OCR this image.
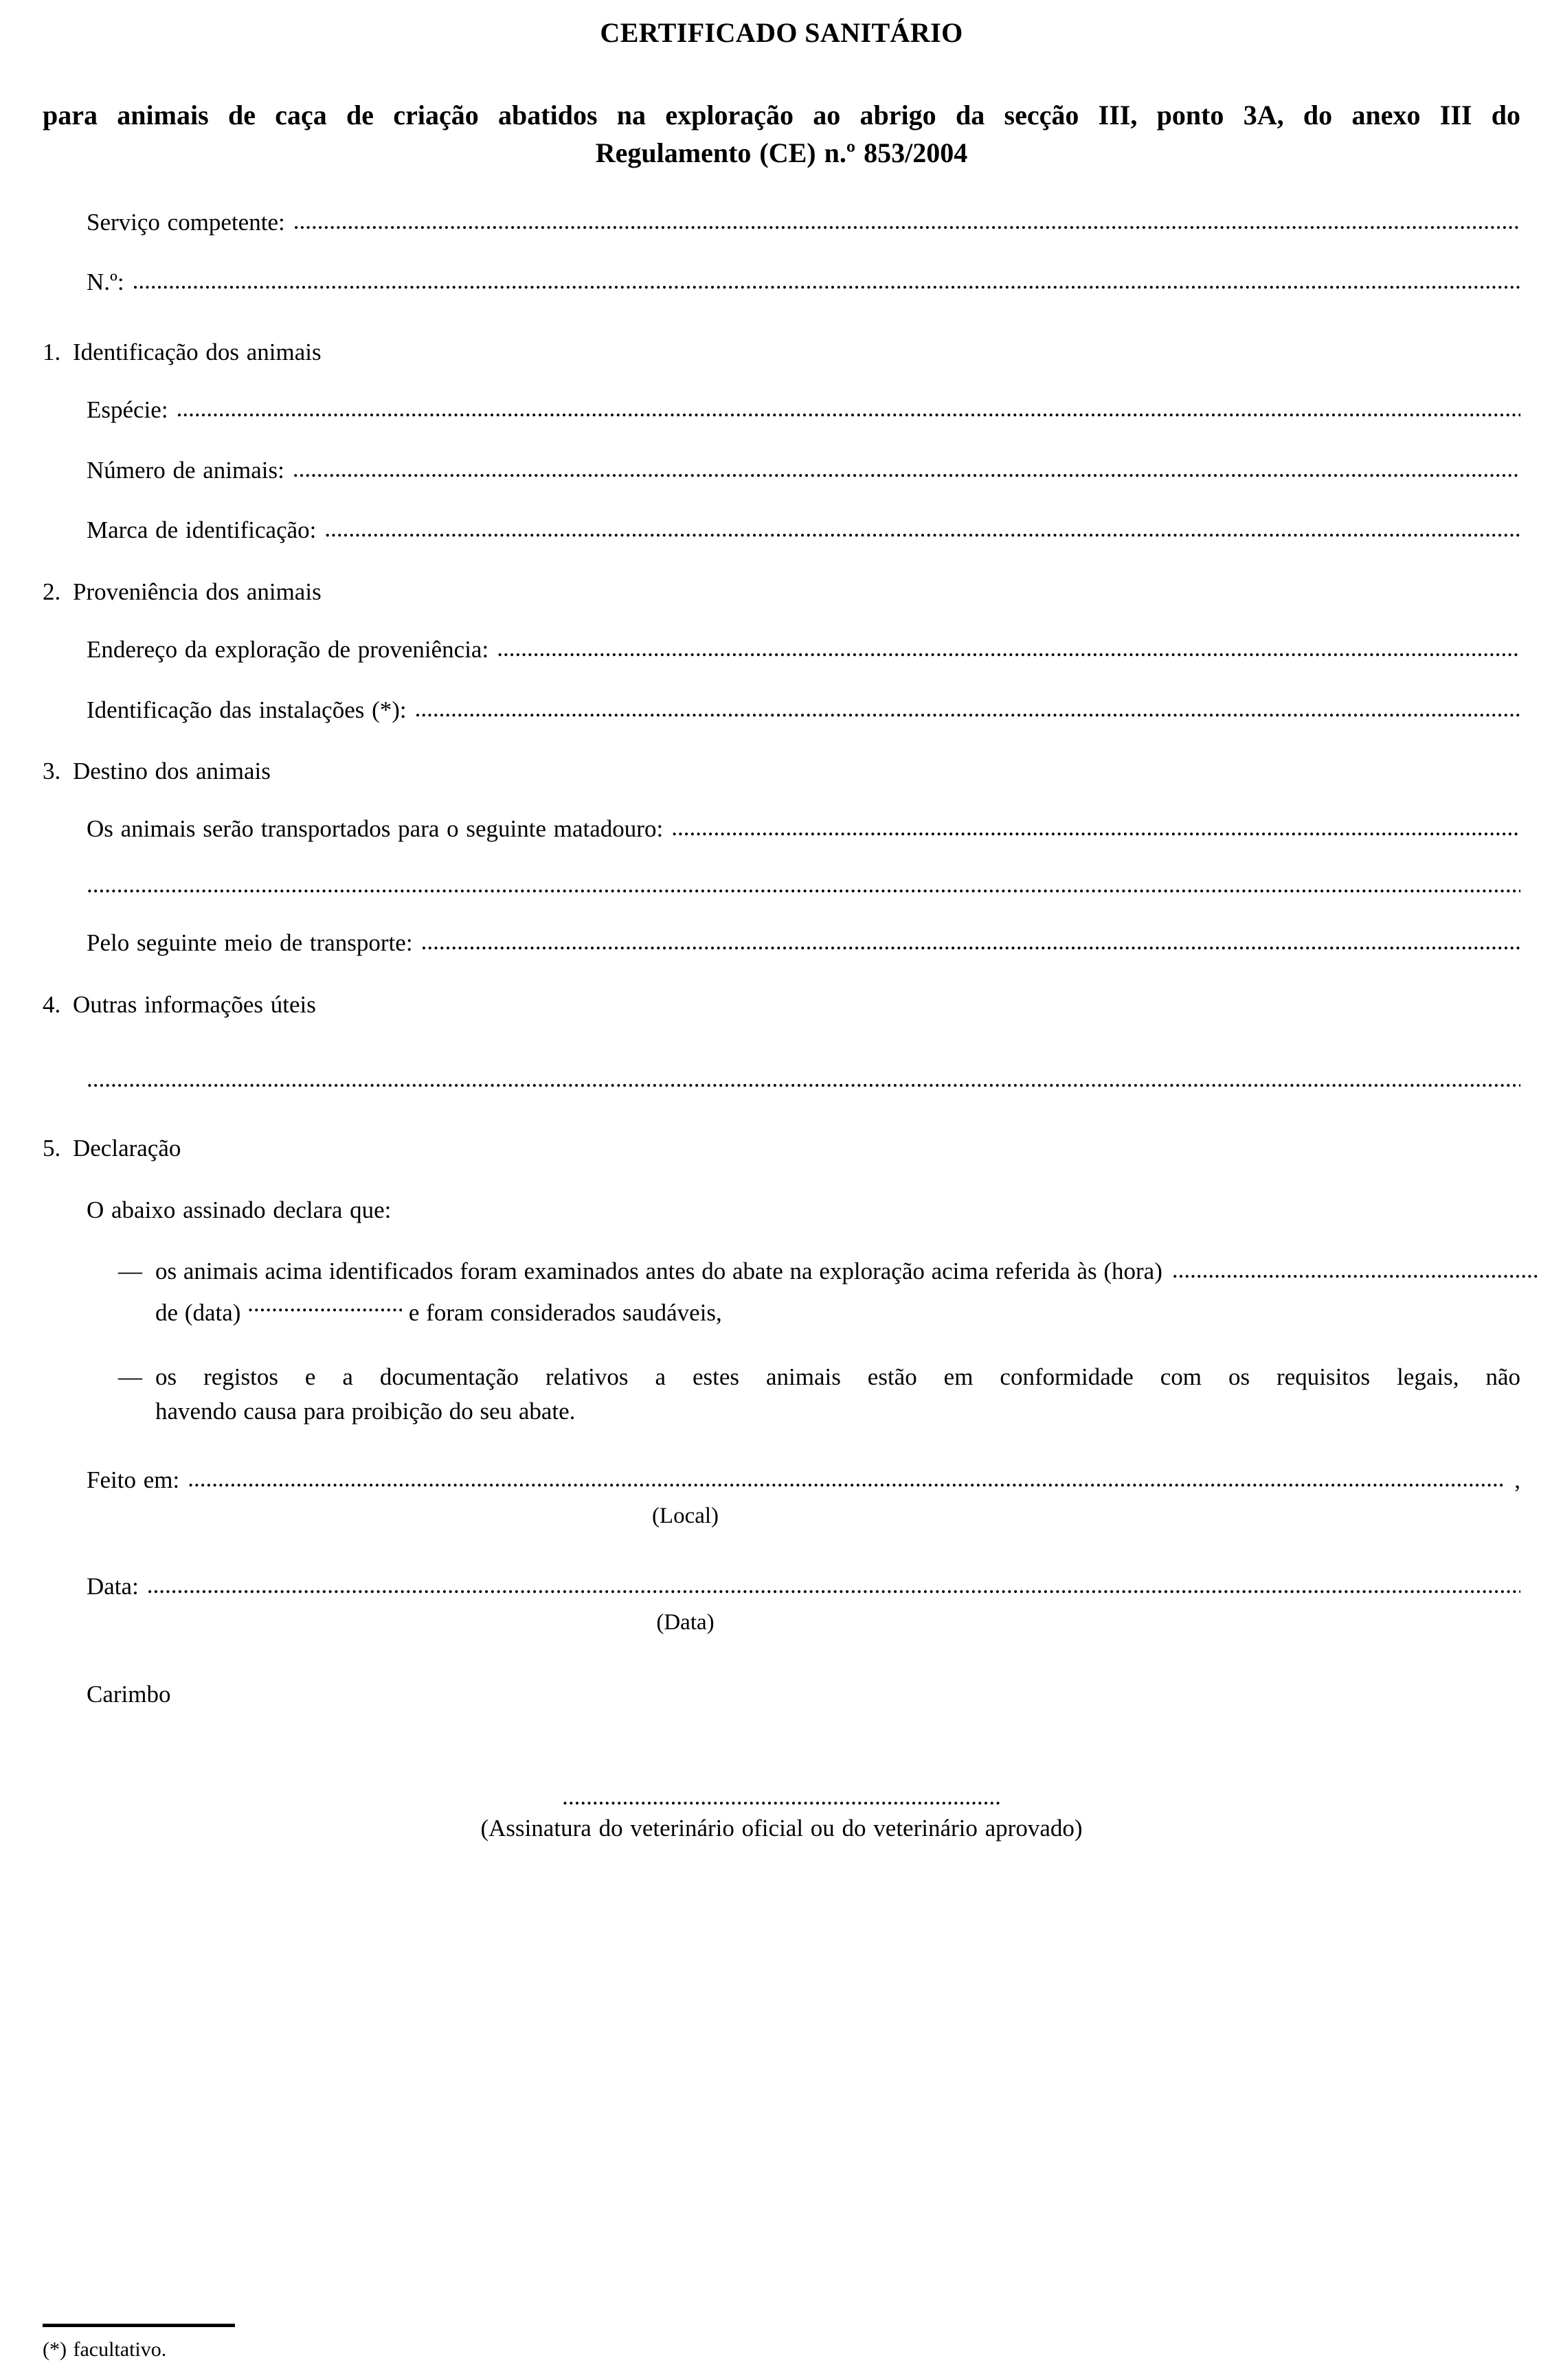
CERTIFICADO SANITÁRIO
para animais de caça de criação abatidos na exploração ao abrigo da secção III, ponto 3A, do anexo III do
Regulamento (CE) n.º 853/2004
Serviço competente:
.....
N.º:
.....
1. Identificação dos animais
Espécie:
.....
Número de animais:
.....
Marca de identificação:
.....
2. Proveniência dos animais
Endereço da exploração de proveniência:
.....
Identificação das instalações (*):
.....
3. Destino dos animais
Os animais serão transportados para o seguinte matadouro:
.....
.....
Pelo seguinte meio de transporte:
.....
4. Outras informações úteis
.....
5. Declaração
O abaixo assinado declara que:
— os animais acima identificados foram examinados antes do abate na exploração acima referida às (hora)
.....
de (data) .....	e foram considerados saudáveis,
— os registos e a documentação relativos a estes animais estão em conformidade com os requisitos legais, não
havendo causa para proibição do seu abate.
Feito em: .....	,
(Local)
Data:
.....
(Data)
Carimbo
.........................................................................
(Assinatura do veterinário oficial ou do veterinário aprovado)
(*) facultativo.
